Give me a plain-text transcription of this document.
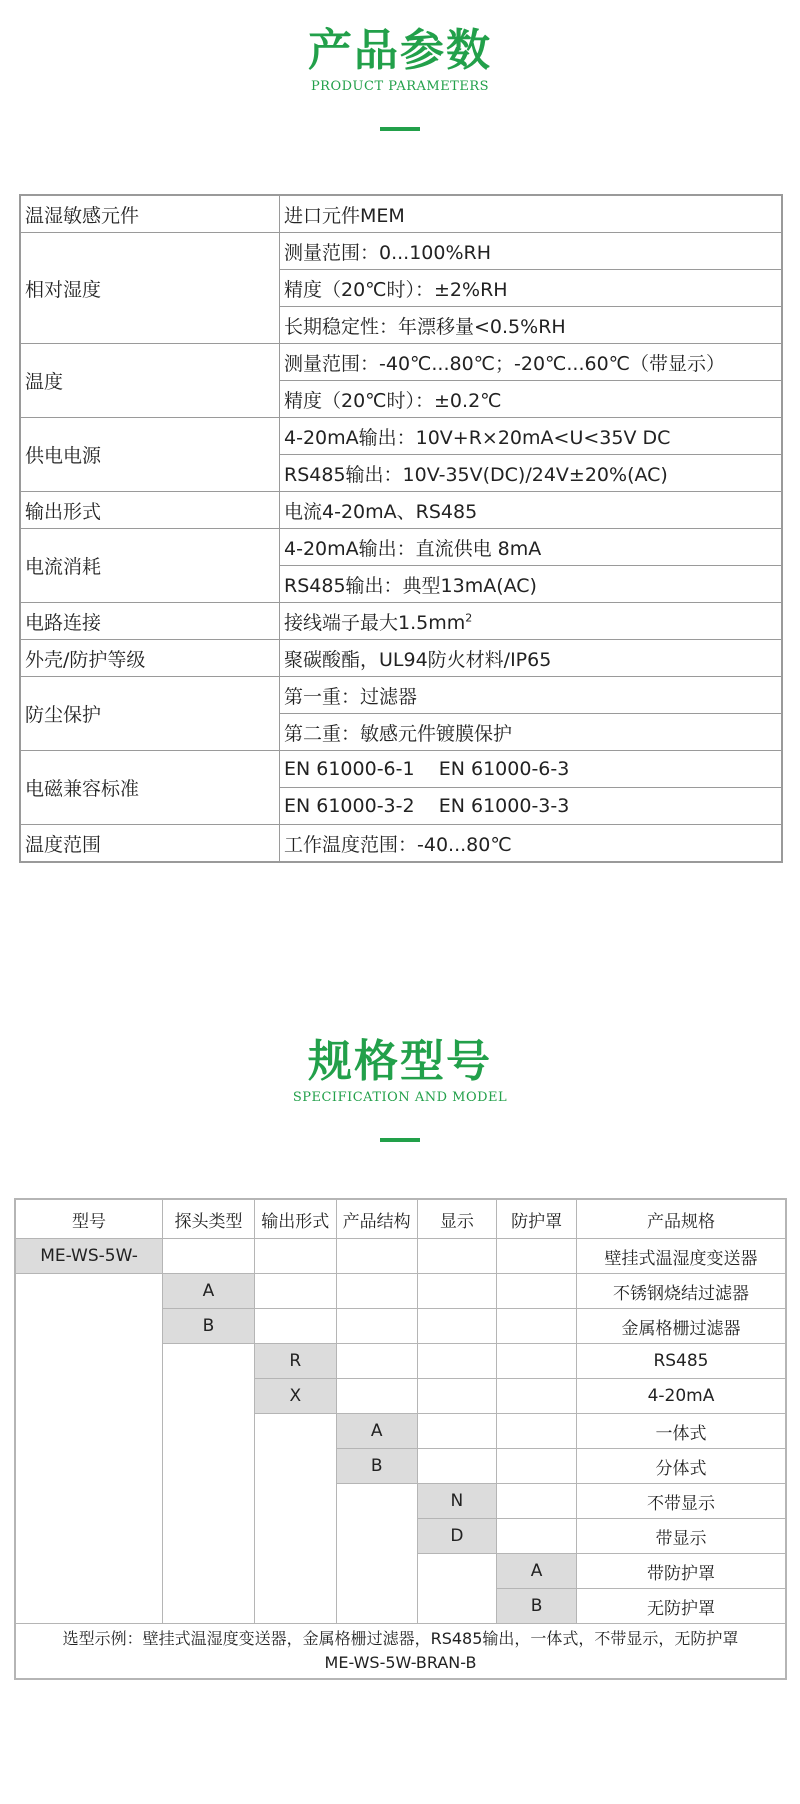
产品参数
PRODUCT PARAMETERS
温湿敏感元件	进口元件MEM
相对湿度	测量范围：0...100%RH
	精度（20℃时）：±2%RH
	长期稳定性：年漂移量<0.5%RH
温度	测量范围：-40℃...80℃；-20℃...60℃（带显示）
	精度（20℃时）：±0.2℃
供电电源	4-20mA输出：10V+R×20mA<U<35V DC
	RS485输出：10V-35V(DC)/24V±20%(AC)
输出形式	电流4-20mA、RS485
电流消耗	4-20mA输出：直流供电 8mA
	RS485输出：典型13mA(AC)
电路连接	接线端子最大$1.5mm^2$
外壳/防护等级	聚碳酸酯，UL94防火材料/IP65
防尘保护	第一重：过滤器
	第二重：敏感元件镀膜保护
电磁兼容标准	EN 61000-6-1    EN 61000-6-3
	EN 61000-3-2    EN 61000-3-3
温度范围	工作温度范围：-40...80℃
规格型号
SPECIFICATION AND MODEL
型号	探头类型	输出形式	产品结构	显示	防护罩	产品规格
ME-WS-5W-						壁挂式温湿度变送器
	A					不锈钢烧结过滤器
	B					金属格栅过滤器
		R				RS485
		X				4-20mA
			A			一体式
			B			分体式
				N		不带显示
				D		带显示
					A	带防护罩
					B	无防护罩

选型示例：壁挂式温湿度变送器，金属格栅过滤器，RS485输出，一体式，不带显示，无防护罩
ME-WS-5W-BRAN-B						
